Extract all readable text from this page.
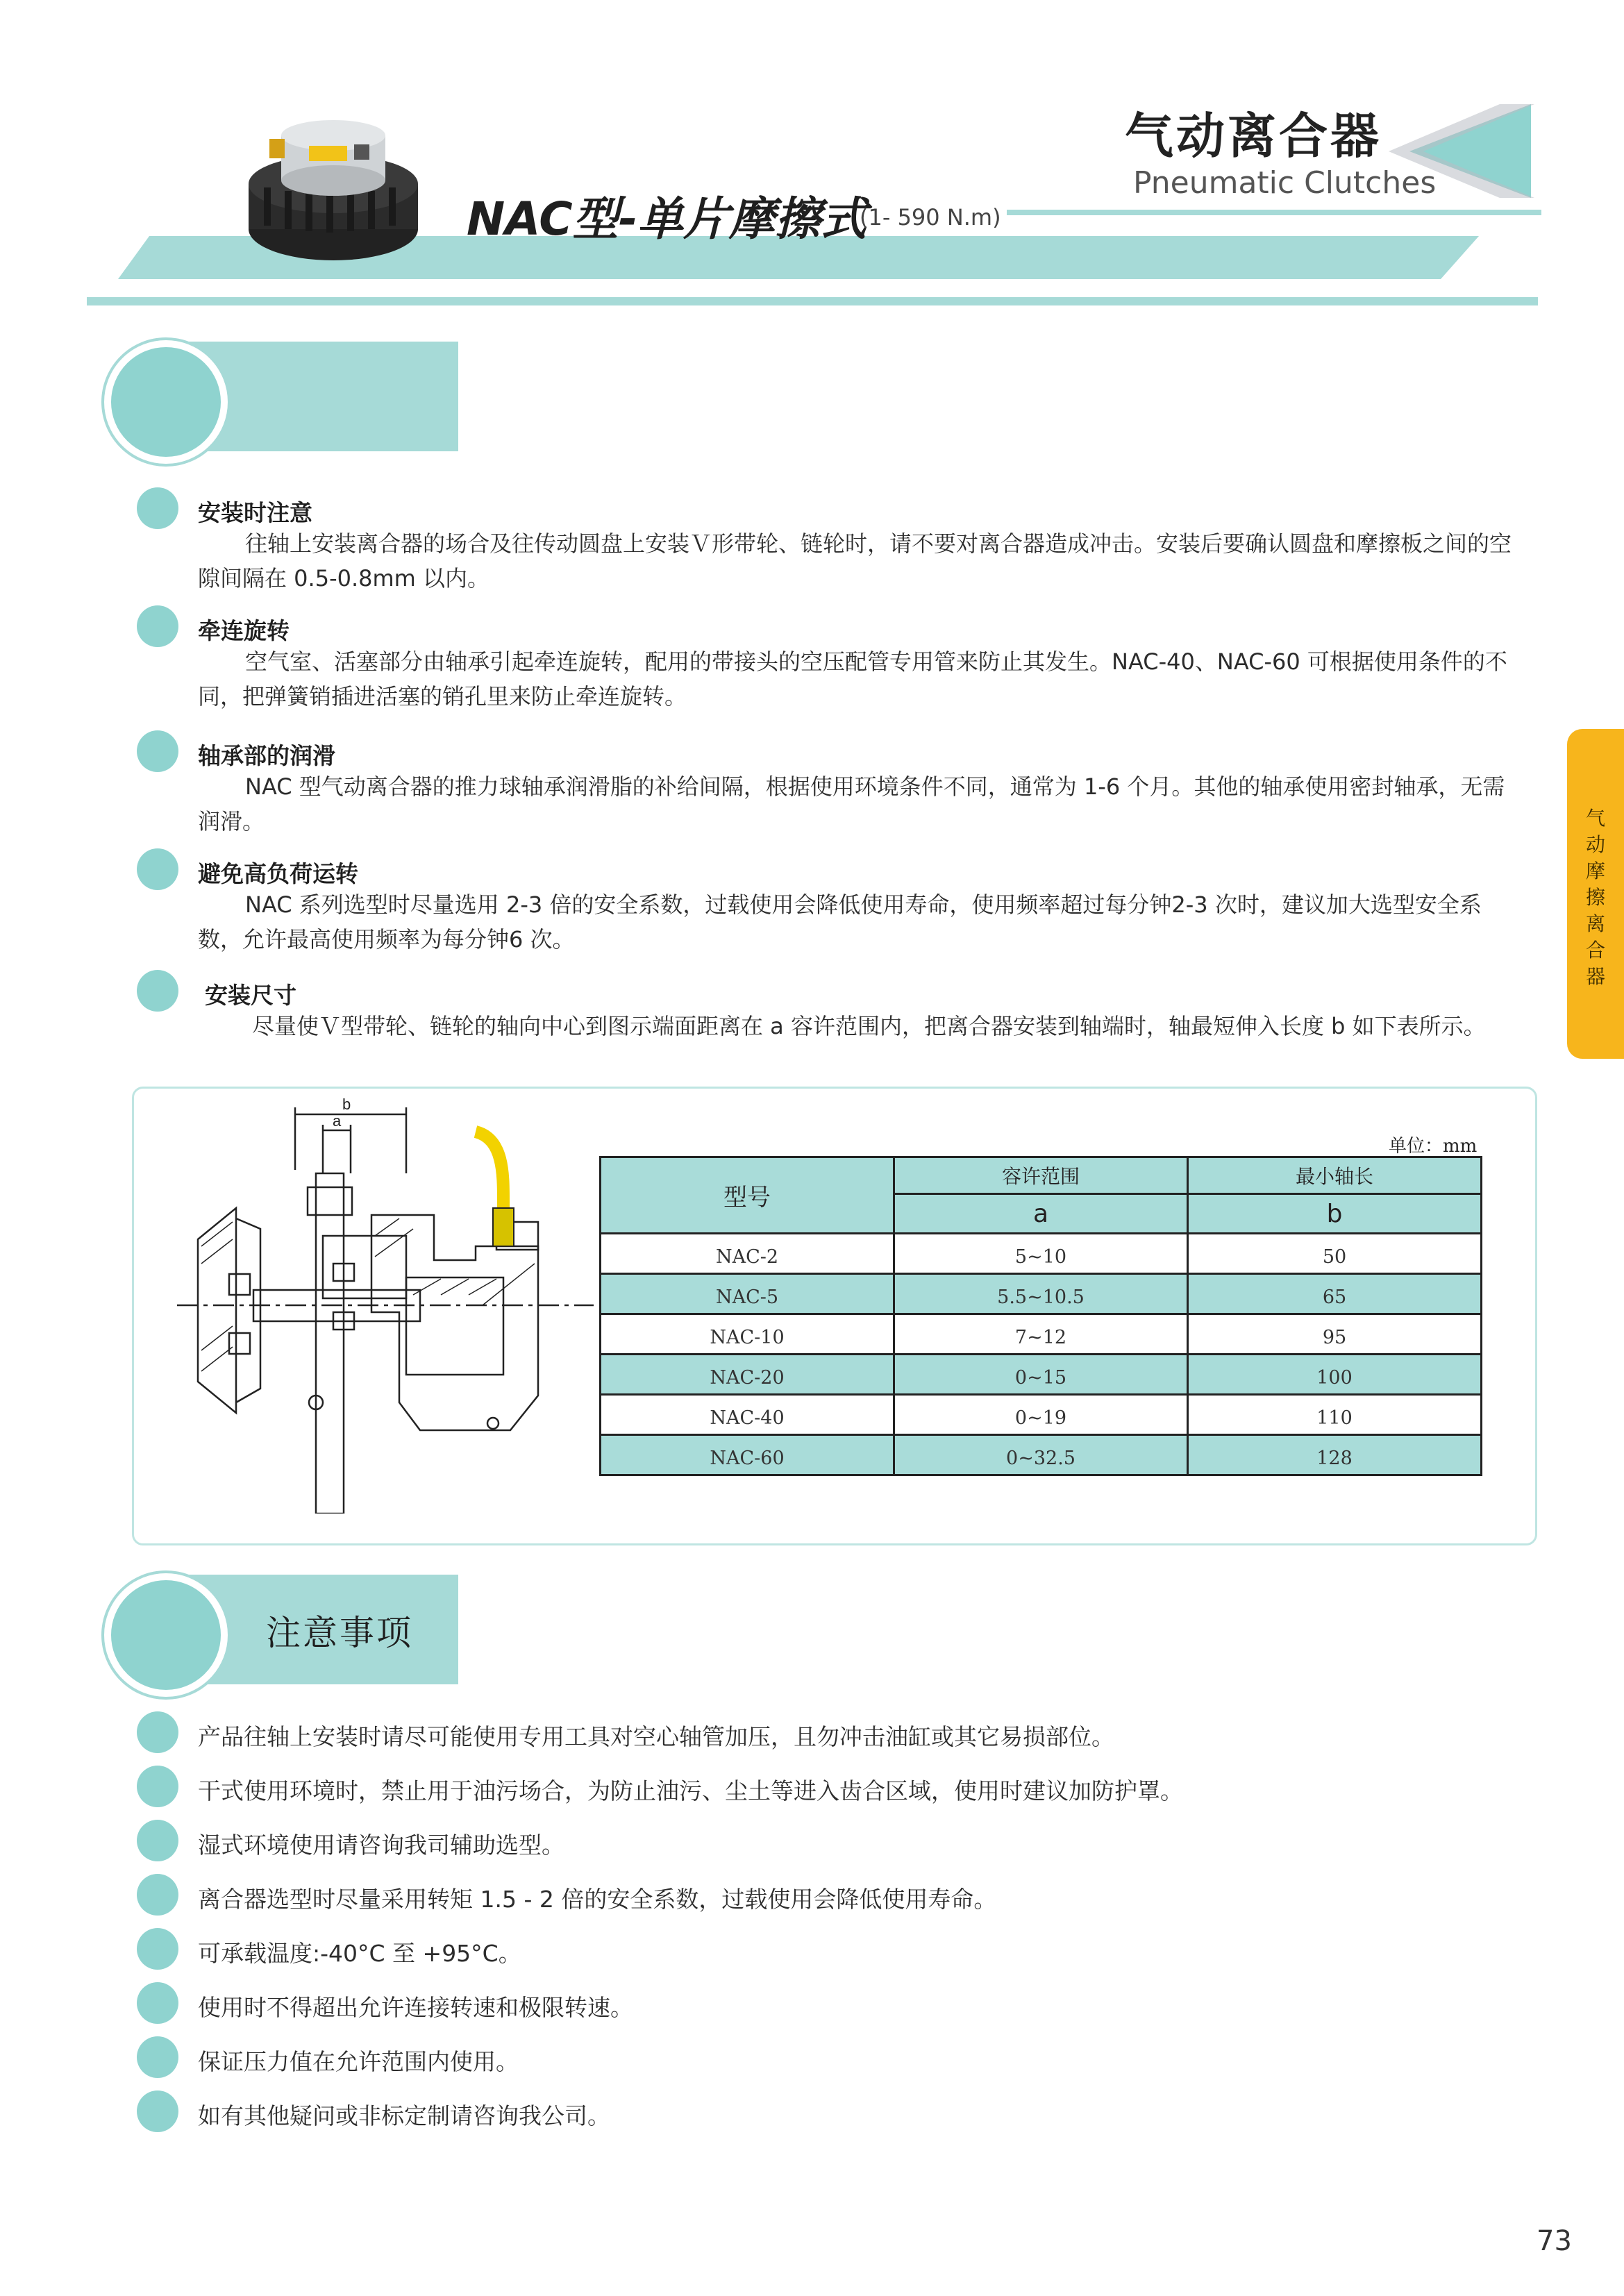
气动离合器
Pneumatic Clutches
NAC型-单片摩擦式
(1- 590 N.m)
安装时注意
往轴上安装离合器的场合及往传动圆盘上安装Ｖ形带轮、链轮时，请不要对离合器造成冲击。安装后要确认圆盘和摩擦板之间的空隙间隔在 0.5-0.8mm 以内。
牵连旋转
空气室、活塞部分由轴承引起牵连旋转，配用的带接头的空压配管专用管来防止其发生。NAC-40、NAC-60 可根据使用条件的不同，把弹簧销插进活塞的销孔里来防止牵连旋转。
轴承部的润滑
NAC 型气动离合器的推力球轴承润滑脂的补给间隔，根据使用环境条件不同，通常为 1-6 个月。其他的轴承使用密封轴承，无需润滑。
避免高负荷运转
NAC 系列选型时尽量选用 2-3 倍的安全系数，过载使用会降低使用寿命，使用频率超过每分钟2-3 次时，建议加大选型安全系数，允许最高使用频率为每分钟6 次。
安装尺寸
尽量使Ｖ型带轮、链轮的轴向中心到图示端面距离在 a 容许范围内，把离合器安装到轴端时，轴最短伸入长度 b 如下表所示。
b
a
单位：mm
型号	容许范围	最小轴长
	a	b
NAC-2	5~10	50
NAC-5	5.5~10.5	65
NAC-10	7~12	95
NAC-20	0~15	100
NAC-40	0~19	110
NAC-60	0~32.5	128
注意事项
产品往轴上安装时请尽可能使用专用工具对空心轴管加压，且勿冲击油缸或其它易损部位。
干式使用环境时，禁止用于油污场合，为防止油污、尘土等进入齿合区域，使用时建议加防护罩。
湿式环境使用请咨询我司辅助选型。
离合器选型时尽量采用转矩 1.5 - 2 倍的安全系数，过载使用会降低使用寿命。
可承载温度:-40°C 至 +95°C。
使用时不得超出允许连接转速和极限转速。
保证压力值在允许范围内使用。
如有其他疑问或非标定制请咨询我公司。
气动摩擦离合器
73
